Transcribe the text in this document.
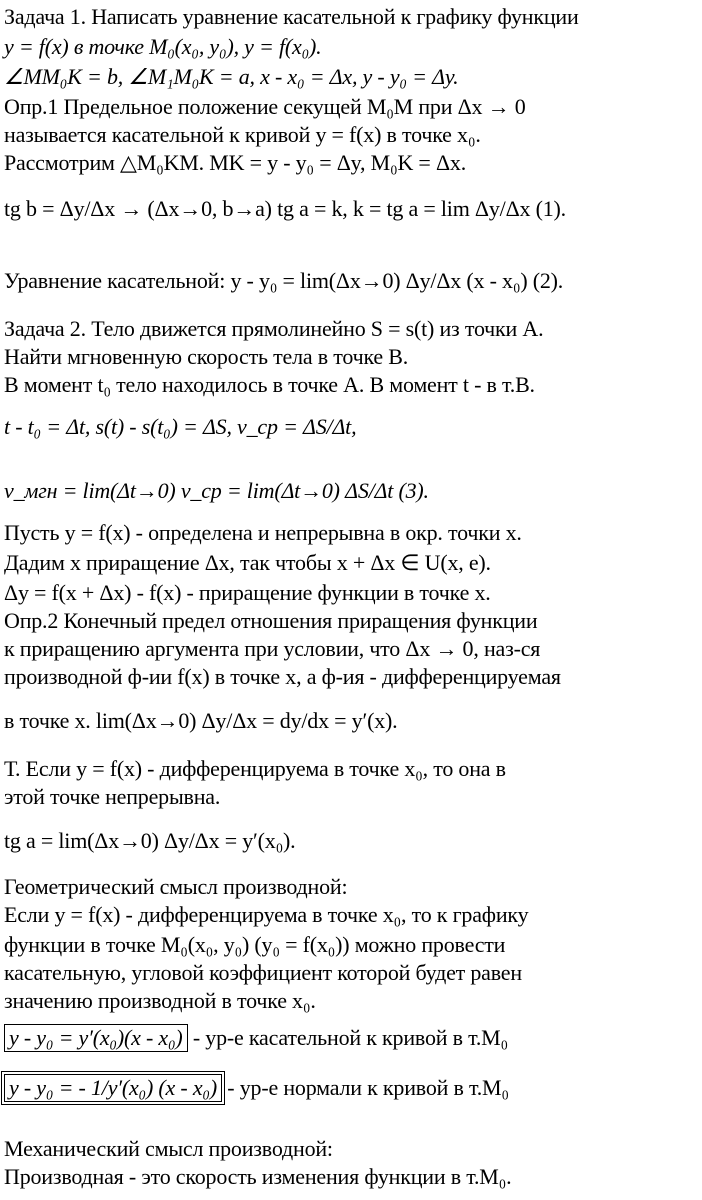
Задача 1. Написать уравнение касательной к графику функции
y = f(x) в точке M₀(x₀, y₀), y = f(x₀).
∠MM₀K = b, ∠M₁M₀K = a, x - x₀ = Δx, y - y₀ = Δy.
Опр.1 Предельное положение секущей M₀M при Δx → 0
называется касательной к кривой y = f(x) в точке x₀.
Рассмотрим △M₀KM. MK = y - y₀ = Δy, M₀K = Δx.
tg b = Δy/Δx → (Δx→0, b→a) tg a = k, k = tg a = lim Δy/Δx (1).
Уравнение касательной: y - y₀ = lim(Δx→0) Δy/Δx (x - x₀) (2).
Задача 2. Тело движется прямолинейно S = s(t) из точки A.
Найти мгновенную скорость тела в точке B.
В момент t₀ тело находилось в точке A. В момент t - в т.B.
t - t₀ = Δt, s(t) - s(t₀) = ΔS, v_ср = ΔS/Δt,
v_мгн = lim(Δt→0) v_ср = lim(Δt→0) ΔS/Δt (3).
Пусть y = f(x) - определена и непрерывна в окр. точки x.
Дадим x приращение Δx, так чтобы x + Δx ∈ U(x, e).
Δy = f(x + Δx) - f(x) - приращение функции в точке x.
Опр.2 Конечный предел отношения приращения функции
к приращению аргумента при условии, что Δx → 0, наз-ся
производной ф-ии f(x) в точке x, а ф-ия - дифференцируемая
в точке x. lim(Δx→0) Δy/Δx = dy/dx = y′(x).
Т. Если y = f(x) - дифференцируема в точке x₀, то она в
этой точке непрерывна.
tg a = lim(Δx→0) Δy/Δx = y′(x₀).
Геометрический смысл производной:
Если y = f(x) - дифференцируема в точке x₀, то к графику
функции в точке M₀(x₀, y₀) (y₀ = f(x₀)) можно провести
касательную, угловой коэффициент которой будет равен
значению производной в точке x₀.
y - y₀ = y′(x₀)(x - x₀) - ур-е касательной к кривой в т.M₀
y - y₀ = - 1/y′(x₀) (x - x₀) - ур-е нормали к кривой в т.M₀
Механический смысл производной:
Производная - это скорость изменения функции в т.M₀.
